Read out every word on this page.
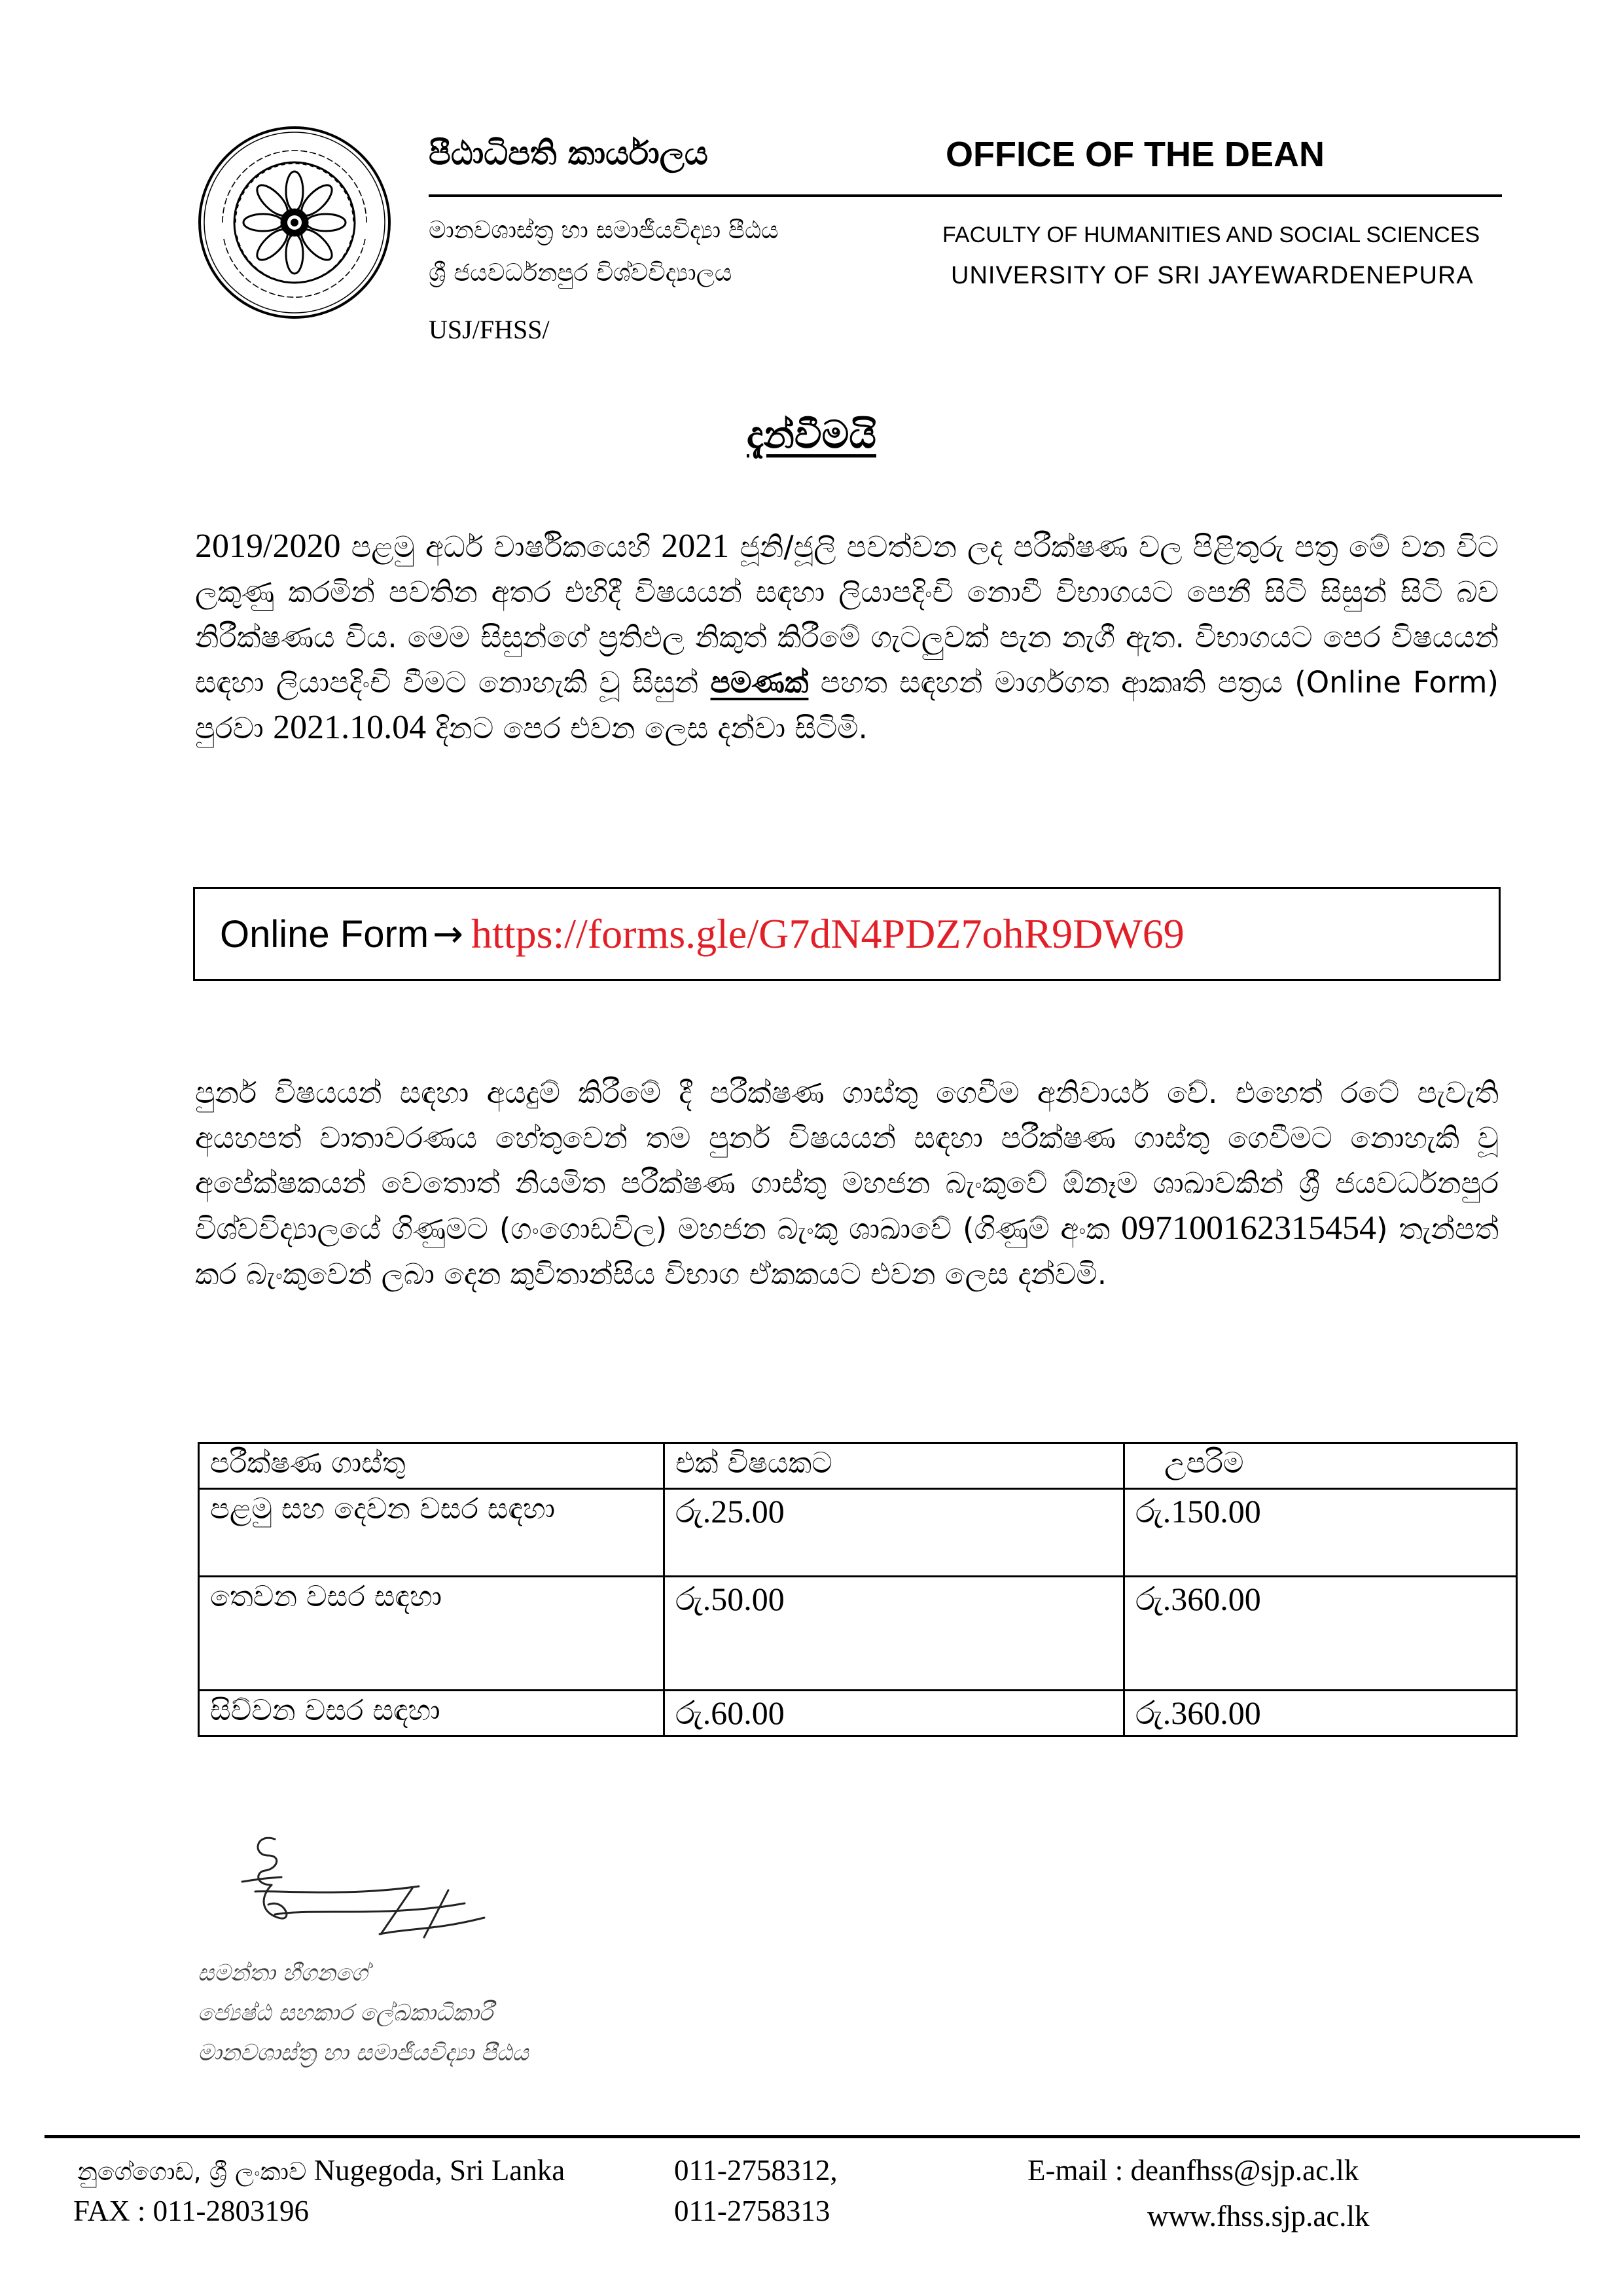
පීඨාධිපති කාර්යාලය	OFFICE OF THE DEAN
මානවශාස්ත්‍ර හා සමාජීයවිද්‍යා පීඨය
ශ්‍රී ජයවර්ධනපුර විශ්වවිද්‍යාලය
FACULTY OF HUMANITIES AND SOCIAL SCIENCES
UNIVERSITY OF SRI JAYEWARDENEPURA
USJ/FHSS/
දැන්වීමයි
2019/2020 පළමු අර්ධ වාර්ෂිකයෙහි 2021 ජූනි/ජූලි පවත්වන ලද පරීක්ෂණ වල පිළිතුරු පත්‍ර මේ වන විට ලකුණු කරමින් පවතින අතර එහිදී විෂයයන් සඳහා ලියාපදිංචි නොවී විභාගයට පෙනී සිටි සිසුන් සිටි බව නිරීක්ෂණය විය. මෙම සිසුන්ගේ ප්‍රතිඵල නිකුත් කිරීමේ ගැටලුවක් පැන නැගී ඇත. විභාගයට පෙර විෂයයන් සඳහා ලියාපදිංචි වීමට නොහැකි වූ සිසුන් පමණක් පහත සඳහන් මාර්ගගත ආකෘති පත්‍රය (Online Form) පුරවා 2021.10.04 දිනට පෙර එවන ලෙස දන්වා සිටිමි.
Online Form → https://forms.gle/G7dN4PDZ7ohR9DW69
පුනර් විෂයයන් සඳහා අයදුම් කිරීමේ දී පරීක්ෂණ ගාස්තු ගෙවීම අනිවාර්ය වේ. එහෙත් රටේ පැවැති අයහපත් වාතාවරණය හේතුවෙන් තම පුනර් විෂයයන් සඳහා පරීක්ෂණ ගාස්තු ගෙවීමට නොහැකි වූ අපේක්ෂකයන් වෙතොත් නියමිත පරීක්ෂණ ගාස්තු මහජන බැංකුවේ ඕනෑම ශාඛාවකින් ශ්‍රී ජයවර්ධනපුර විශ්වවිද්‍යාලයේ ගිණුමට (ගංගොඩවිල) මහජන බැංකු ශාඛාවේ (ගිණුම් අංක 097100162315454) තැන්පත් කර බැංකුවෙන් ලබා දෙන කුවිතාන්සිය විභාග ඒකකයට එවන ලෙස දන්වමි.
පරීක්ෂණ ගාස්තු	එක් විෂයකට	උපරිම
පළමු සහ දෙවන වසර සඳහා	රු.25.00	රු.150.00
තෙවන වසර සඳහා	රු.50.00	රු.360.00
සිව්වන වසර සඳහා	රු.60.00	රු.360.00
සමන්තා හීගනගේ
ජ්‍යෙෂ්ඨ සහකාර ලේඛකාධිකාරී
මානවශාස්ත්‍ර හා සමාජීයවිද්‍යා පීඨය
නුගේගොඩ, ශ්‍රී ලංකාව Nugegoda, Sri Lanka
FAX : 011-2803196
011-2758312,
011-2758313
E-mail : deanfhss@sjp.ac.lk
www.fhss.sjp.ac.lk
